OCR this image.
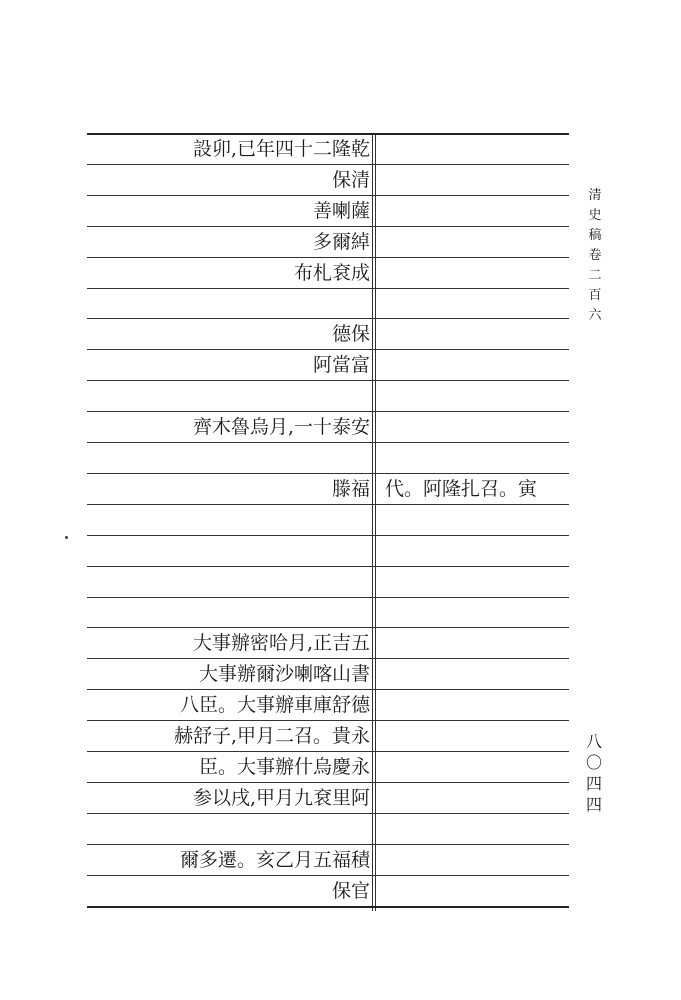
設卯,已年四十二隆乾
保清
善喇薩
多爾綽
布札袞成
德保
阿當富
齊木魯烏月,一十泰安
滕福 代。阿隆扎召。寅
大事辦密哈月,正吉五
大事辦爾沙喇喀山書
八臣。大事辦車庫舒德
赫舒子,甲月二召。貴永
臣。大事辦什烏慶永
参以戌,甲月九袞里阿
爾多遷。亥乙月五福積
保官
清史稿卷二百六
八〇四四
